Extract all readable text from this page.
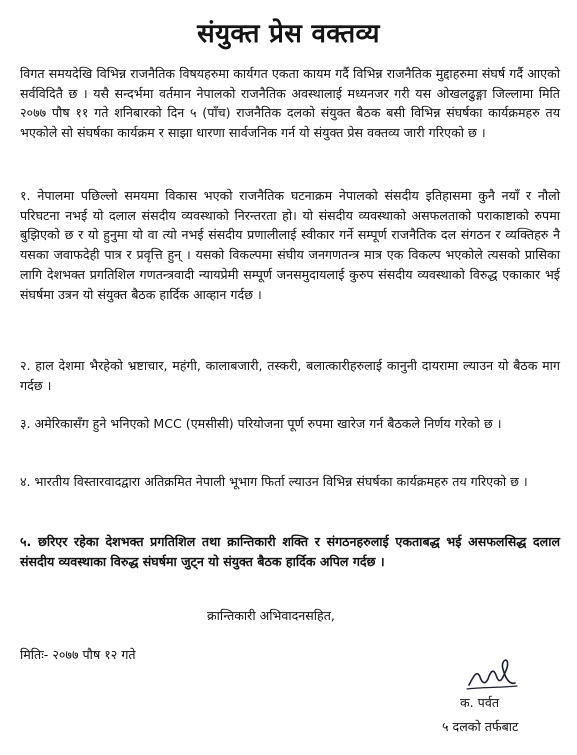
संयुक्त प्रेस वक्तव्य
विगत समयदेखि विभिन्न राजनैतिक विषयहरुमा कार्यगत एकता कायम गर्दै विभिन्न राजनैतिक मुद्दाहरुमा संघर्ष गर्दै आएको सर्वविदितै छ । यसै सन्दर्भमा वर्तमान नेपालको राजनैतिक अवस्थालाई मध्यनजर गरी यस ओखलढुङ्गा जिल्लामा मिति २०७७ पौष ११ गते शनिबारको दिन ५ (पाँच) राजनैतिक दलको संयुक्त बैठक बसी विभिन्न संघर्षका कार्यक्रमहरु तय भएकोले सो संघर्षका कार्यक्रम र साझा धारणा सार्वजनिक गर्न यो संयुक्त प्रेस वक्तव्य जारी गरिएको छ ।
१. नेपालमा पछिल्लो समयमा विकास भएको राजनैतिक घटनाक्रम नेपालको संसदीय इतिहासमा कुनै नयाँ र नौलो परिघटना नभई यो दलाल संसदीय व्यवस्थाको निरन्तरता हो। यो संसदीय व्यवस्थाको असफलताको पराकाष्टाको रुपमा बुझिएको छ र यो हुनुमा यो वा त्यो नभई संसदीय प्रणालीलाई स्वीकार गर्ने सम्पूर्ण राजनैतिक दल संगठन र व्यक्तिहरु नै यसका जवाफदेही पात्र र प्रवृत्ति हुन् । यसको विकल्पमा संघीय जनगणतन्त्र मात्र एक विकल्प भएकोले त्यसको प्रासिका लागि देशभक्त प्रगतिशिल गणतन्त्रवादी न्यायप्रेमी सम्पूर्ण जनसमुदायलाई कुरुप संसदीय व्यवस्थाको विरुद्ध एकाकार भई संघर्षमा उत्रन यो संयुक्त बैठक हार्दिक आव्हान गर्दछ ।
२. हाल देशमा भैरहेको भ्रष्टाचार, महंगी, कालाबजारी, तस्करी, बलात्कारीहरुलाई कानुनी दायरामा ल्याउन यो बैठक माग गर्दछ ।
३. अमेरिकासँग हुने भनिएको MCC (एमसीसी) परियोजना पूर्ण रुपमा खारेज गर्न बैठकले निर्णय गरेको छ ।
४. भारतीय विस्तारवादद्वारा अतिक्रमित नेपाली भूभाग फिर्ता ल्याउन विभिन्न संघर्षका कार्यक्रमहरु तय गरिएको छ ।
५. छरिएर रहेका देशभक्त प्रगतिशिल तथा क्रान्तिकारी शक्ति र संगठनहरुलाई एकताबद्ध भई असफलसिद्ध दलाल संसदीय व्यवस्थाका विरुद्ध संघर्षमा जुट्न यो संयुक्त बैठक हार्दिक अपिल गर्दछ ।
क्रान्तिकारी अभिवादनसहित,
मितिः- २०७७ पौष १२ गते
क. पर्वत
५ दलको तर्फबाट
